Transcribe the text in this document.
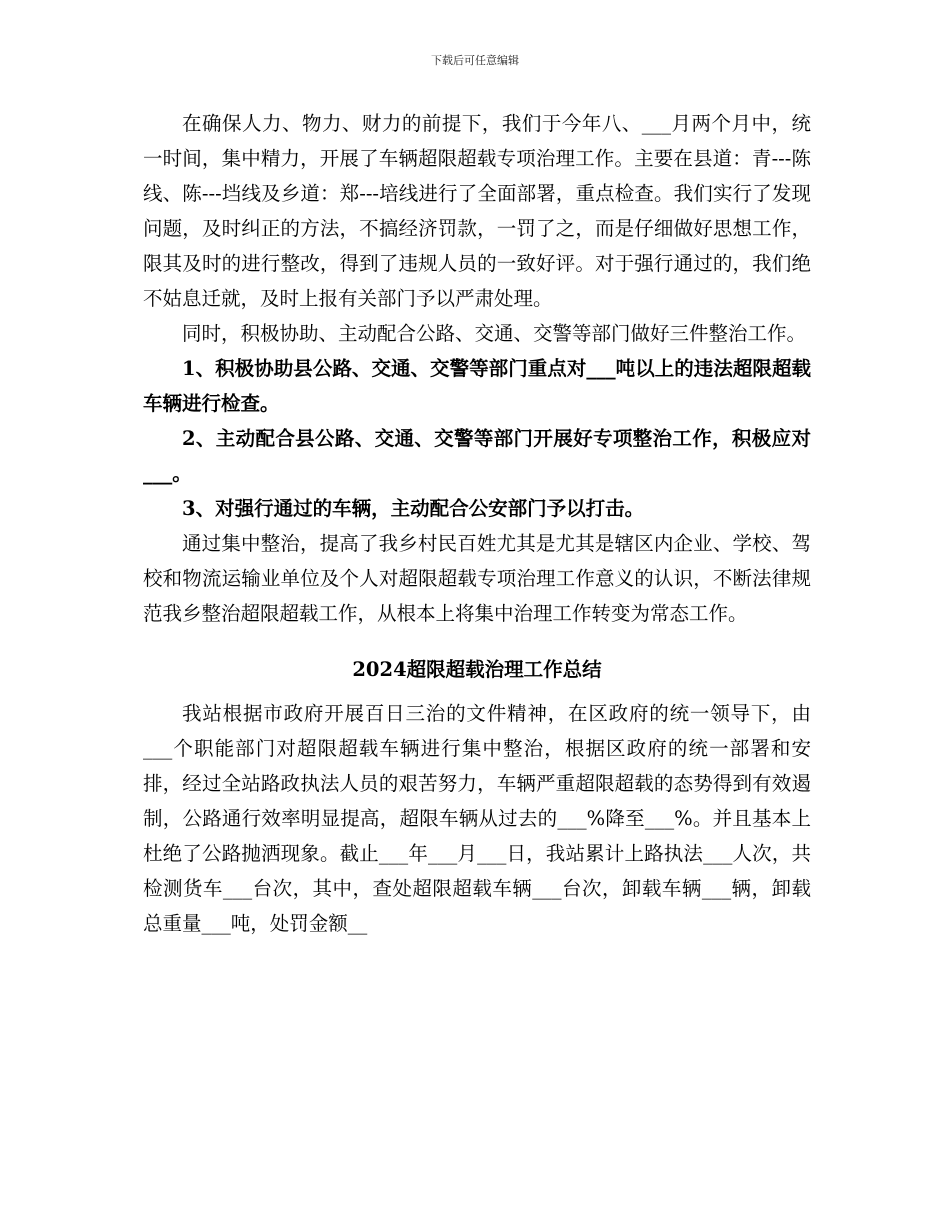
下载后可任意编辑

在确保人力、物力、财力的前提下，我们于今年八、___月两个月中，统一时间，集中精力，开展了车辆超限超载专项治理工作。主要在县道：青---陈线、陈---垱线及乡道：郑---培线进行了全面部署，重点检查。我们实行了发现问题，及时纠正的方法，不搞经济罚款，一罚了之，而是仔细做好思想工作，限其及时的进行整改，得到了违规人员的一致好评。对于强行通过的，我们绝不姑息迁就，及时上报有关部门予以严肃处理。

同时，积极协助、主动配合公路、交通、交警等部门做好三件整治工作。

1、积极协助县公路、交通、交警等部门重点对___吨以上的违法超限超载车辆进行检查。

2、主动配合县公路、交通、交警等部门开展好专项整治工作，积极应对___。

3、对强行通过的车辆，主动配合公安部门予以打击。

通过集中整治，提高了我乡村民百姓尤其是尤其是辖区内企业、学校、驾校和物流运输业单位及个人对超限超载专项治理工作意义的认识，不断法律规范我乡整治超限超载工作，从根本上将集中治理工作转变为常态工作。

2024超限超载治理工作总结

我站根据市政府开展百日三治的文件精神，在区政府的统一领导下，由___个职能部门对超限超载车辆进行集中整治，根据区政府的统一部署和安排，经过全站路政执法人员的艰苦努力，车辆严重超限超载的态势得到有效遏制，公路通行效率明显提高，超限车辆从过去的___%降至___%。并且基本上杜绝了公路抛洒现象。截止___年___月___日，我站累计上路执法___人次，共检测货车___台次，其中，查处超限超载车辆___台次，卸载车辆___辆，卸载总重量___吨，处罚金额__
